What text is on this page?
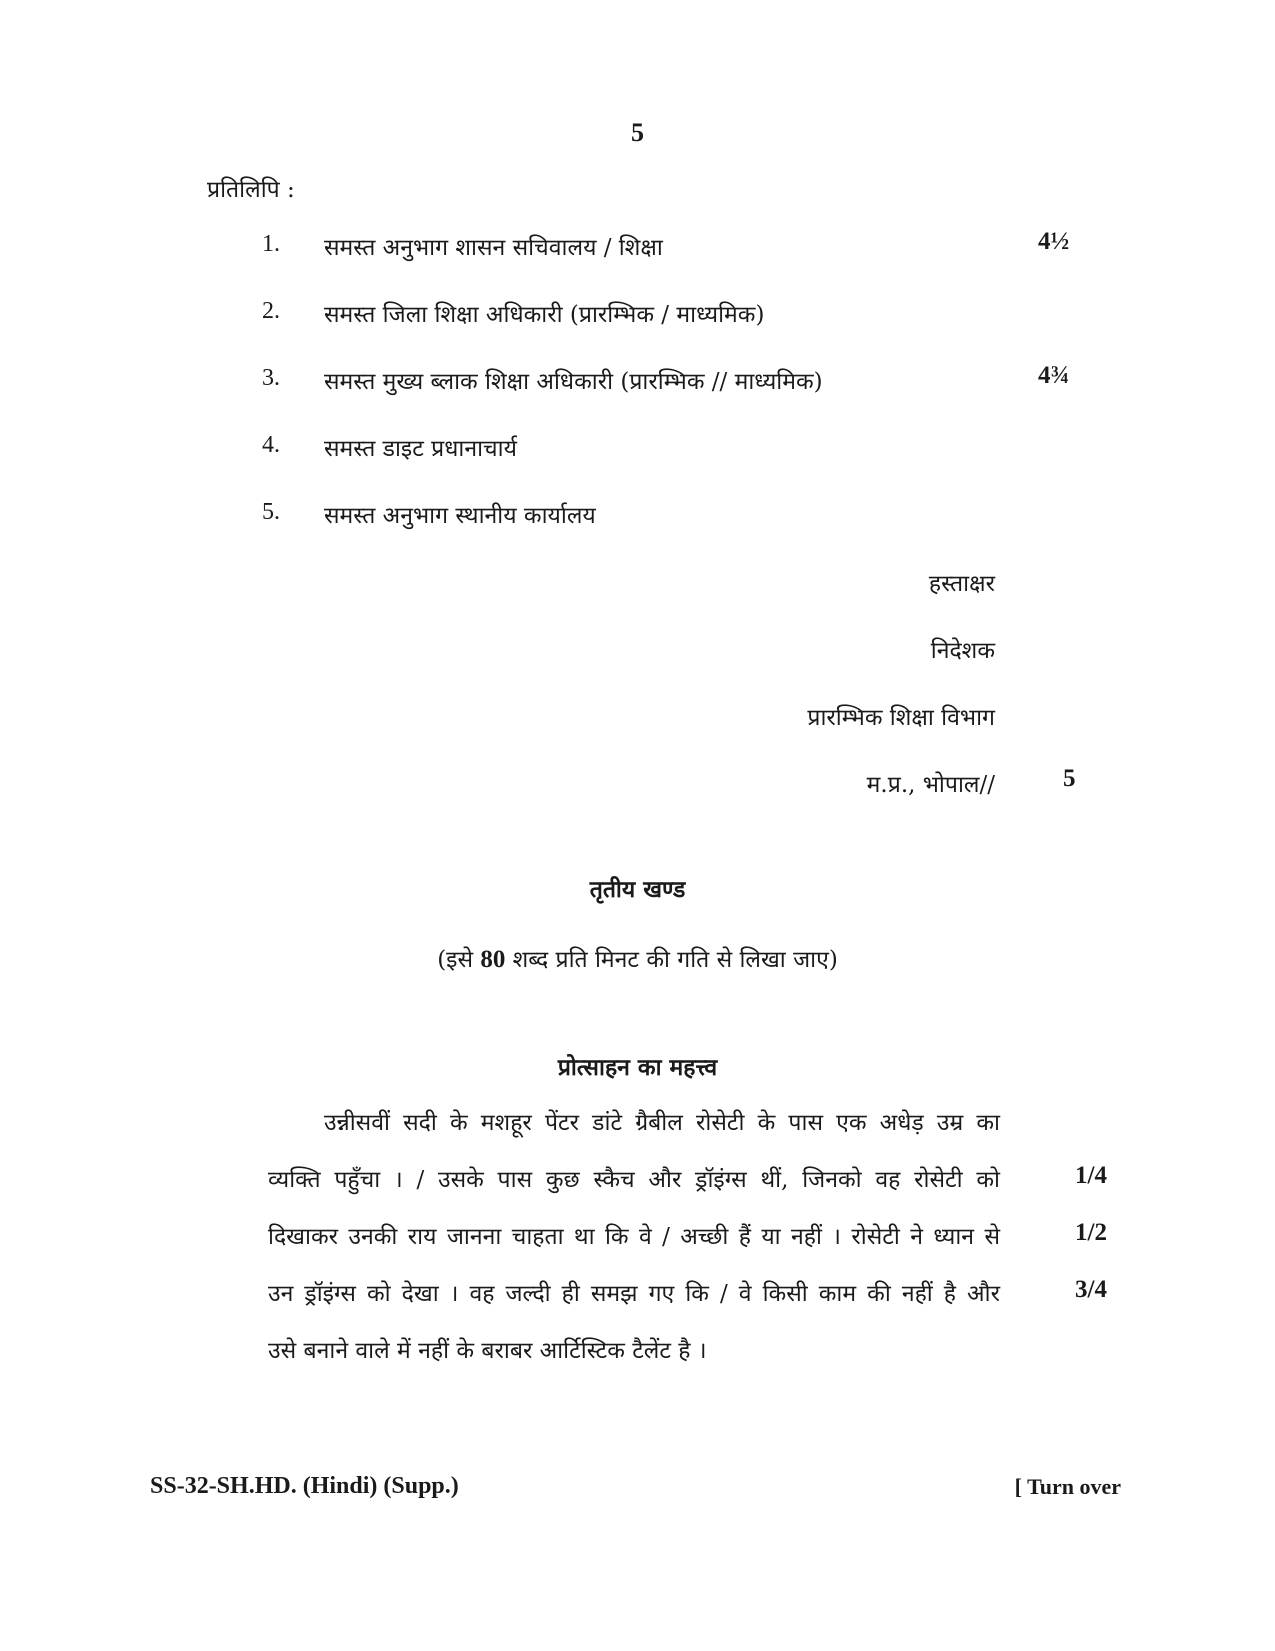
5
प्रतिलिपि :
1. समस्त अनुभाग शासन सचिवालय / शिक्षा	4½
2. समस्त जिला शिक्षा अधिकारी (प्रारम्भिक / माध्यमिक)
3. समस्त मुख्य ब्लाक शिक्षा अधिकारी (प्रारम्भिक // माध्यमिक)	4¾
4. समस्त डाइट प्रधानाचार्य
5. समस्त अनुभाग स्थानीय कार्यालय
हस्ताक्षर
निदेशक
प्रारम्भिक शिक्षा विभाग
म.प्र., भोपाल//	5
तृतीय खण्ड
(इसे 80 शब्द प्रति मिनट की गति से लिखा जाए)
प्रोत्साहन का महत्त्व
उन्नीसवीं सदी के मशहूर पेंटर डांटे ग्रैबील रोसेटी के पास एक अधेड़ उम्र का
व्यक्ति पहुँचा । / उसके पास कुछ स्कैच और ड्रॉइंग्स थीं, जिनको वह रोसेटी को	1/4
दिखाकर उनकी राय जानना चाहता था कि वे / अच्छी हैं या नहीं । रोसेटी ने ध्यान से	1/2
उन ड्रॉइंग्स को देखा । वह जल्दी ही समझ गए कि / वे किसी काम की नहीं है और	3/4
उसे बनाने वाले में नहीं के बराबर आर्टिस्टिक टैलेंट है ।
SS-32-SH.HD. (Hindi) (Supp.)	[ Turn over
